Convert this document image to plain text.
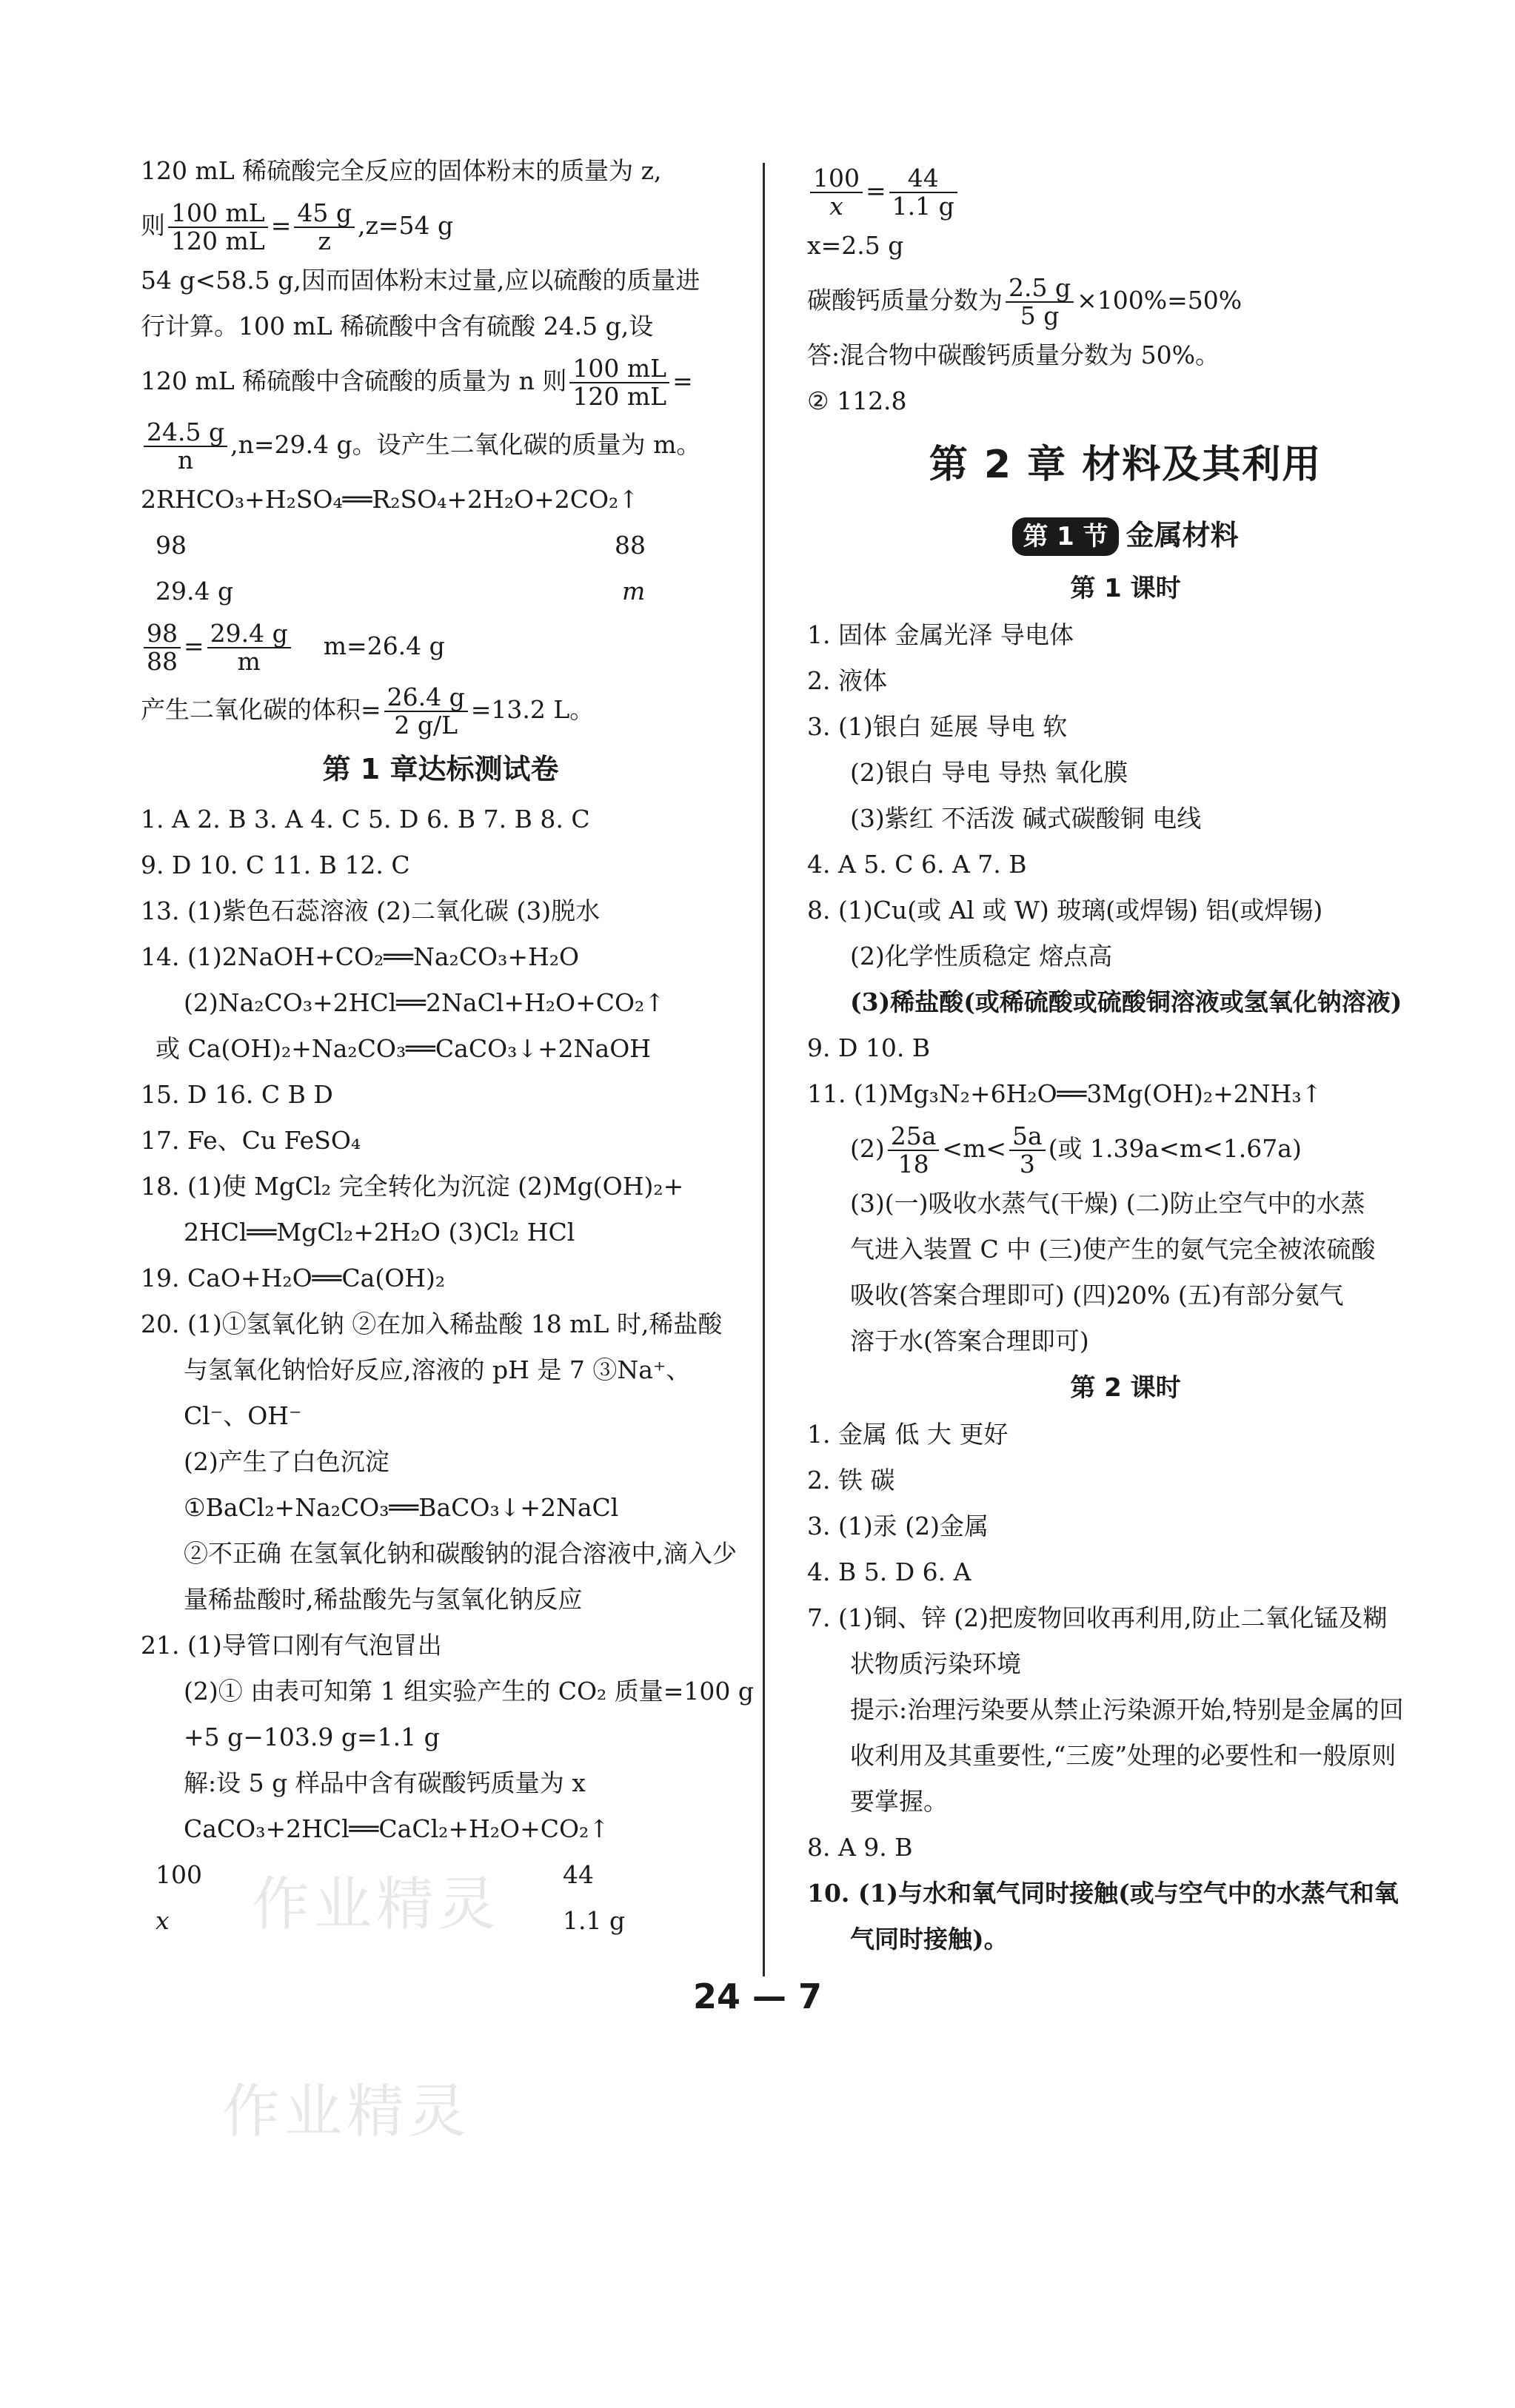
120 mL 稀硫酸完全反应的固体粉末的质量为 z,
则 $\frac{100 mL}{120 mL} = \frac{45 g}{z} ,z=54$ g
54 g<58.5 g,因而固体粉末过量,应以硫酸的质量进
行计算。100 mL 稀硫酸中含有硫酸 24.5 g,设
120 mL 稀硫酸中含硫酸的质量为 n 则 $\frac{100 mL}{120 mL}$ =
$\frac{24.5 g}{n} ,n=29.4$ g。设产生二氧化碳的质量为 m。
2RHCO₃+H₂SO₄══R₂SO₄+2H₂O+2CO₂↑
98	88
29.4 g	m
$\frac{98}{88} = \frac{29.4 g}{m} m=26.4$ g
产生二氧化碳的体积= $\frac{26.4 g}{2 g/L} =13.2$ L。
第 1 章达标测试卷
1. A 2. B 3. A 4. C 5. D 6. B 7. B 8. C
9. D 10. C 11. B 12. C
13. (1)紫色石蕊溶液 (2)二氧化碳 (3)脱水
14. (1)2NaOH+CO₂══Na₂CO₃+H₂O
(2)Na₂CO₃+2HCl══2NaCl+H₂O+CO₂↑
或 Ca(OH)₂+Na₂CO₃══CaCO₃↓+2NaOH
15. D 16. C B D
17. Fe、Cu FeSO₄
18. (1)使 MgCl₂ 完全转化为沉淀 (2)Mg(OH)₂+
2HCl══MgCl₂+2H₂O (3)Cl₂ HCl
19. CaO+H₂O══Ca(OH)₂
20. (1)①氢氧化钠 ②在加入稀盐酸 18 mL 时,稀盐酸
与氢氧化钠恰好反应,溶液的 pH 是 7 ③Na⁺、
Cl⁻、OH⁻
(2)产生了白色沉淀
①BaCl₂+Na₂CO₃══BaCO₃↓+2NaCl
②不正确 在氢氧化钠和碳酸钠的混合溶液中,滴入少
量稀盐酸时,稀盐酸先与氢氧化钠反应
21. (1)导管口刚有气泡冒出
(2)① 由表可知第 1 组实验产生的 CO₂ 质量=100 g
+5 g−103.9 g=1.1 g
解:设 5 g 样品中含有碳酸钙质量为 x
CaCO₃+2HCl══CaCl₂+H₂O+CO₂↑
100	44
x	1.1 g
$\frac{100}{x} = \frac{44}{1.1 g}$
x=2.5 g
碳酸钙质量分数为 $\frac{2.5 g}{5 g} \times 100\%=50\%$
答:混合物中碳酸钙质量分数为 50%。
② 112.8
第 2 章 材料及其利用
第 1 节 金属材料
第 1 课时
1. 固体 金属光泽 导电体
2. 液体
3. (1)银白 延展 导电 软
(2)银白 导电 导热 氧化膜
(3)紫红 不活泼 碱式碳酸铜 电线
4. A 5. C 6. A 7. B
8. (1)Cu(或 Al 或 W) 玻璃(或焊锡) 铝(或焊锡)
(2)化学性质稳定 熔点高
(3)稀盐酸(或稀硫酸或硫酸铜溶液或氢氧化钠溶液)
9. D 10. B
11. (1)Mg₃N₂+6H₂O══3Mg(OH)₂+2NH₃↑
$(2) \frac{25a}{18} <m< \frac{5a}{3}$ (或 1.39a<m<1.67a)
(3)(一)吸收水蒸气(干燥) (二)防止空气中的水蒸
气进入装置 C 中 (三)使产生的氨气完全被浓硫酸
吸收(答案合理即可) (四)20% (五)有部分氨气
溶于水(答案合理即可)
第 2 课时
1. 金属 低 大 更好
2. 铁 碳
3. (1)汞 (2)金属
4. B 5. D 6. A
7. (1)铜、锌 (2)把废物回收再利用,防止二氧化锰及糊
状物质污染环境
提示:治理污染要从禁止污染源开始,特别是金属的回
收利用及其重要性,“三废”处理的必要性和一般原则
要掌握。
8. A 9. B
10. (1)与水和氧气同时接触(或与空气中的水蒸气和氧
气同时接触)。
24 — 7
作业精灵
作业精灵
